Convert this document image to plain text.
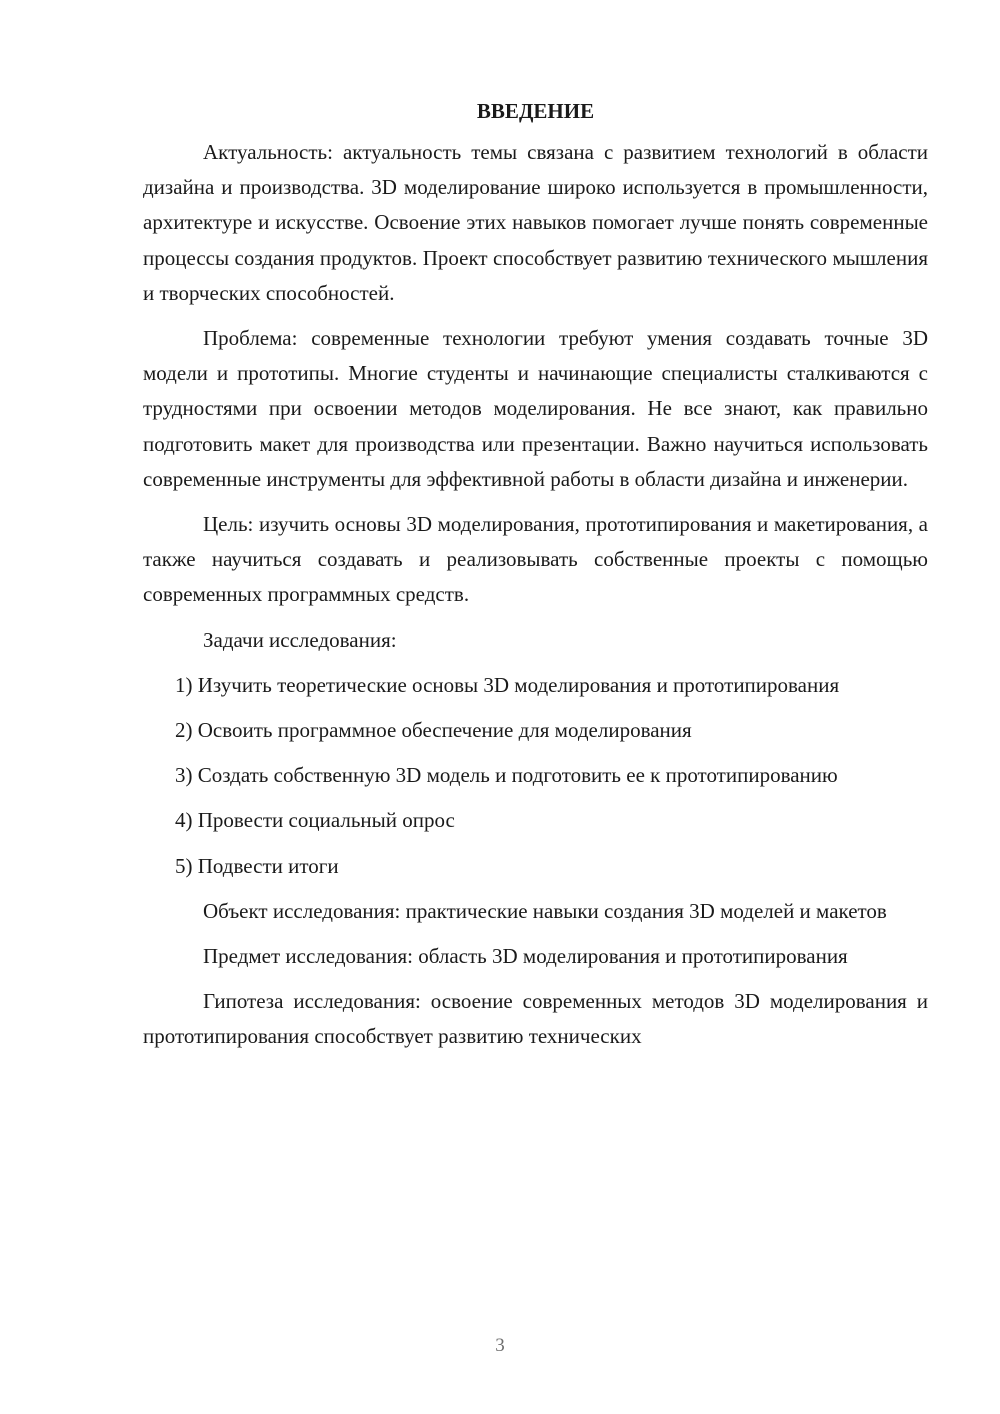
ВВЕДЕНИЕ

Актуальность: актуальность темы связана с развитием технологий в области дизайна и производства. 3D моделирование широко используется в промышленности, архитектуре и искусстве. Освоение этих навыков помогает лучше понять современные процессы создания продуктов. Проект способствует развитию технического мышления и творческих способностей.

Проблема: современные технологии требуют умения создавать точные 3D модели и прототипы. Многие студенты и начинающие специалисты сталкиваются с трудностями при освоении методов моделирования. Не все знают, как правильно подготовить макет для производства или презентации. Важно научиться использовать современные инструменты для эффективной работы в области дизайна и инженерии.

Цель: изучить основы 3D моделирования, прототипирования и макетирования, а также научиться создавать и реализовывать собственные проекты с помощью современных программных средств.

Задачи исследования:

1) Изучить теоретические основы 3D моделирования и прототипирования

2) Освоить программное обеспечение для моделирования

3) Создать собственную 3D модель и подготовить ее к прототипированию

4) Провести социальный опрос

5) Подвести итоги

Объект исследования: практические навыки создания 3D моделей и макетов

Предмет исследования: область 3D моделирования и прототипирования

Гипотеза исследования: освоение современных методов 3D моделирования и прототипирования способствует развитию технических

3
